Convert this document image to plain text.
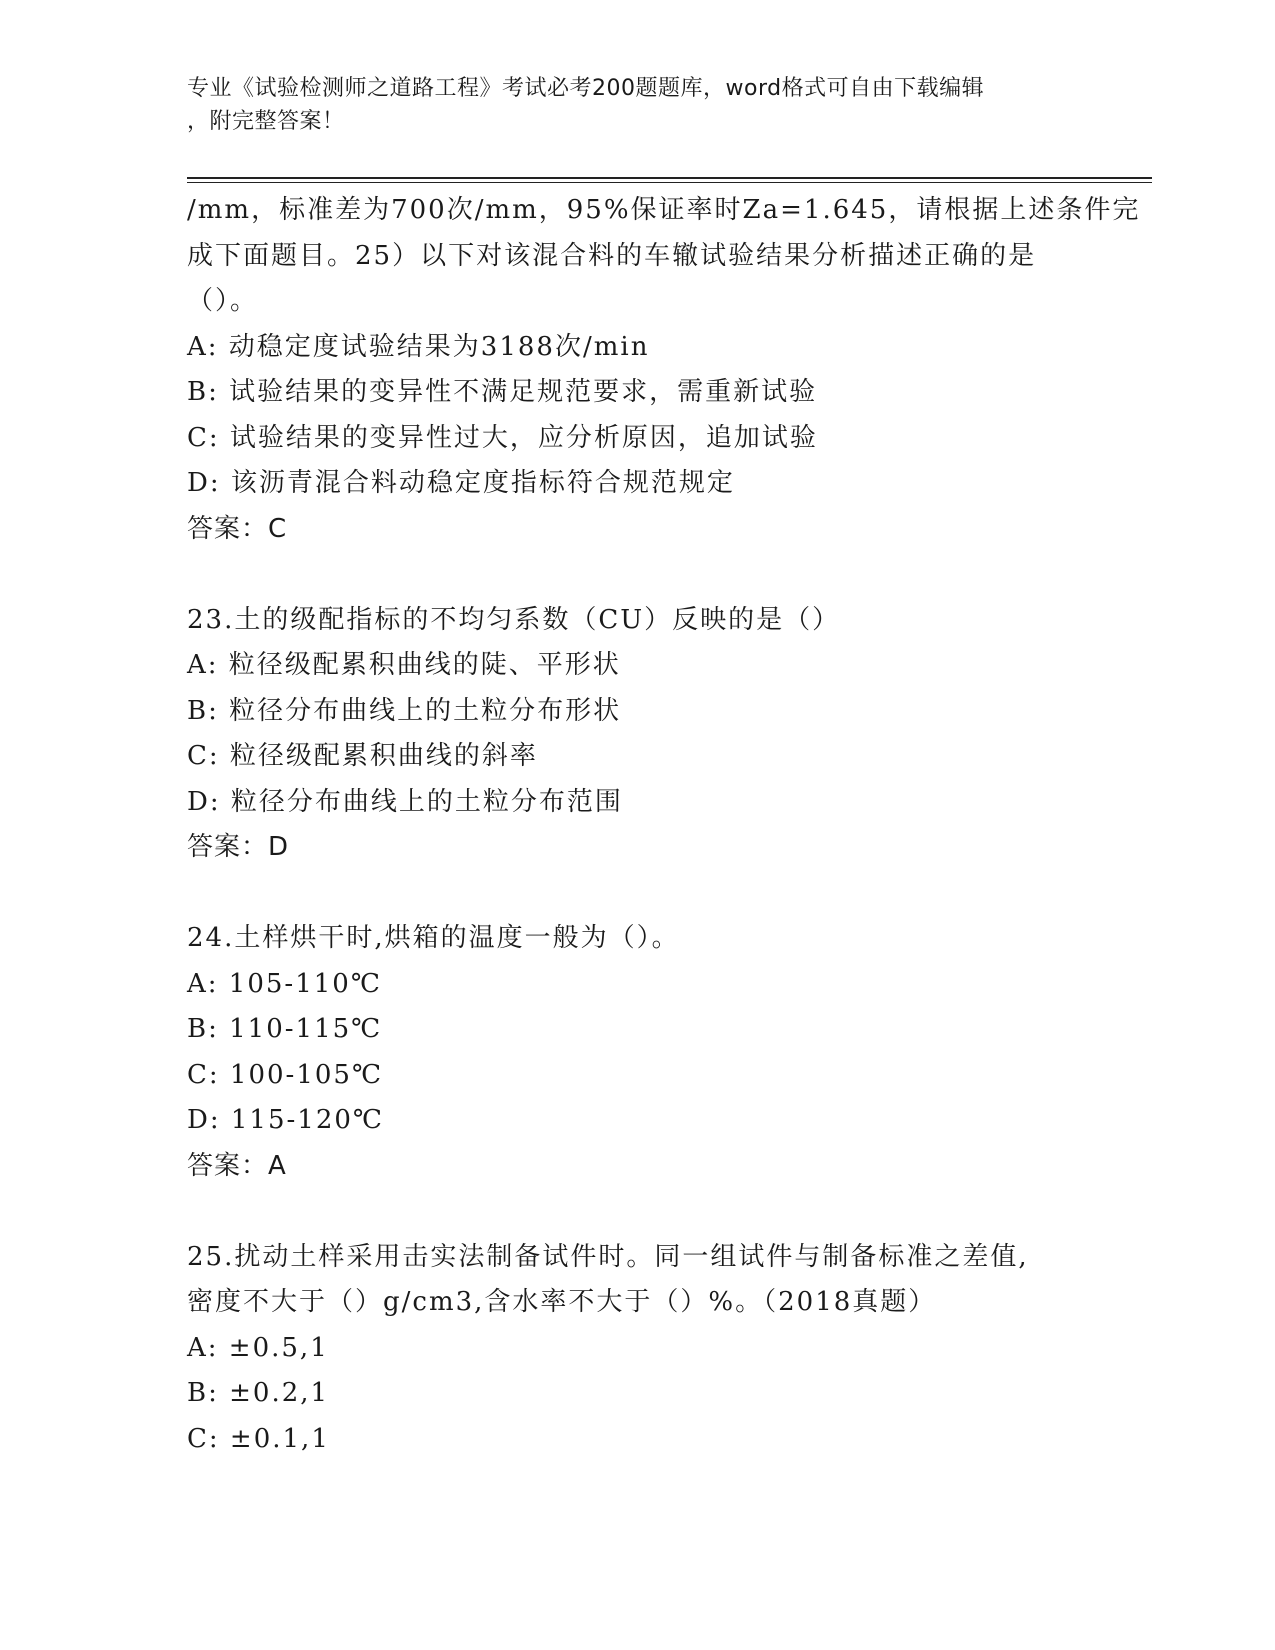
专业《试验检测师之道路工程》考试必考200题题库，word格式可自由下载编辑
，附完整答案！
/mm，标准差为700次/mm，95%保证率时Za=1.645，请根据上述条件完
成下面题目。25）以下对该混合料的车辙试验结果分析描述正确的是
（）。
A: 动稳定度试验结果为3188次/min
B: 试验结果的变异性不满足规范要求，需重新试验
C: 试验结果的变异性过大，应分析原因，追加试验
D: 该沥青混合料动稳定度指标符合规范规定
答案：C
23.土的级配指标的不均匀系数（CU）反映的是（）
A: 粒径级配累积曲线的陡、平形状
B: 粒径分布曲线上的土粒分布形状
C: 粒径级配累积曲线的斜率
D: 粒径分布曲线上的土粒分布范围
答案：D
24.土样烘干时,烘箱的温度一般为（）。
A: 105-110℃
B: 110-115℃
C: 100-105℃
D: 115-120℃
答案：A
25.扰动土样采用击实法制备试件时。同一组试件与制备标准之差值,
密度不大于（）g/cm3,含水率不大于（）%。（2018真题）
A: ±0.5,1
B: ±0.2,1
C: ±0.1,1
